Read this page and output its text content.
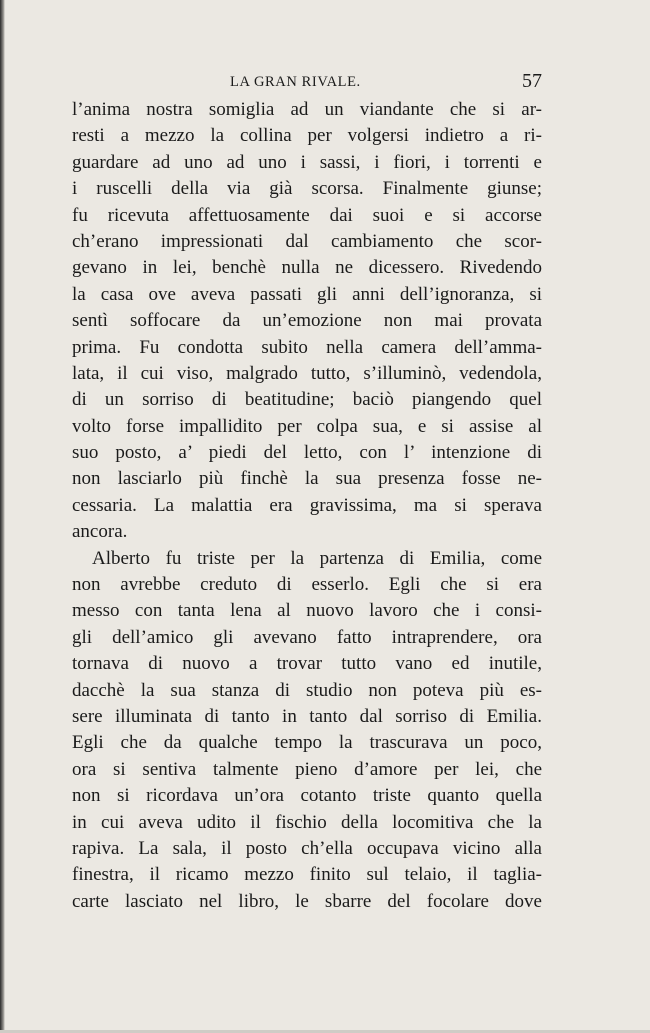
LA GRAN RIVALE.	57
l’anima nostra somiglia ad un viandante che si ar-
resti a mezzo la collina per volgersi indietro a ri-
guardare ad uno ad uno i sassi, i fiori, i torrenti e
i ruscelli della via già scorsa. Finalmente giunse;
fu ricevuta affettuosamente dai suoi e si accorse
ch’erano impressionati dal cambiamento che scor-
gevano in lei, benchè nulla ne dicessero. Rivedendo
la casa ove aveva passati gli anni dell’ignoranza, si
sentì soffocare da un’emozione non mai provata
prima. Fu condotta subito nella camera dell’amma-
lata, il cui viso, malgrado tutto, s’illuminò, vedendola,
di un sorriso di beatitudine; baciò piangendo quel
volto forse impallidito per colpa sua, e si assise al
suo posto, a’ piedi del letto, con l’ intenzione di
non lasciarlo più finchè la sua presenza fosse ne-
cessaria. La malattia era gravissima, ma si sperava
ancora.
Alberto fu triste per la partenza di Emilia, come
non avrebbe creduto di esserlo. Egli che si era
messo con tanta lena al nuovo lavoro che i consi-
gli dell’amico gli avevano fatto intraprendere, ora
tornava di nuovo a trovar tutto vano ed inutile,
dacchè la sua stanza di studio non poteva più es-
sere illuminata di tanto in tanto dal sorriso di Emilia.
Egli che da qualche tempo la trascurava un poco,
ora si sentiva talmente pieno d’amore per lei, che
non si ricordava un’ora cotanto triste quanto quella
in cui aveva udito il fischio della locomitiva che la
rapiva. La sala, il posto ch’ella occupava vicino alla
finestra, il ricamo mezzo finito sul telaio, il taglia-
carte lasciato nel libro, le sbarre del focolare dove
